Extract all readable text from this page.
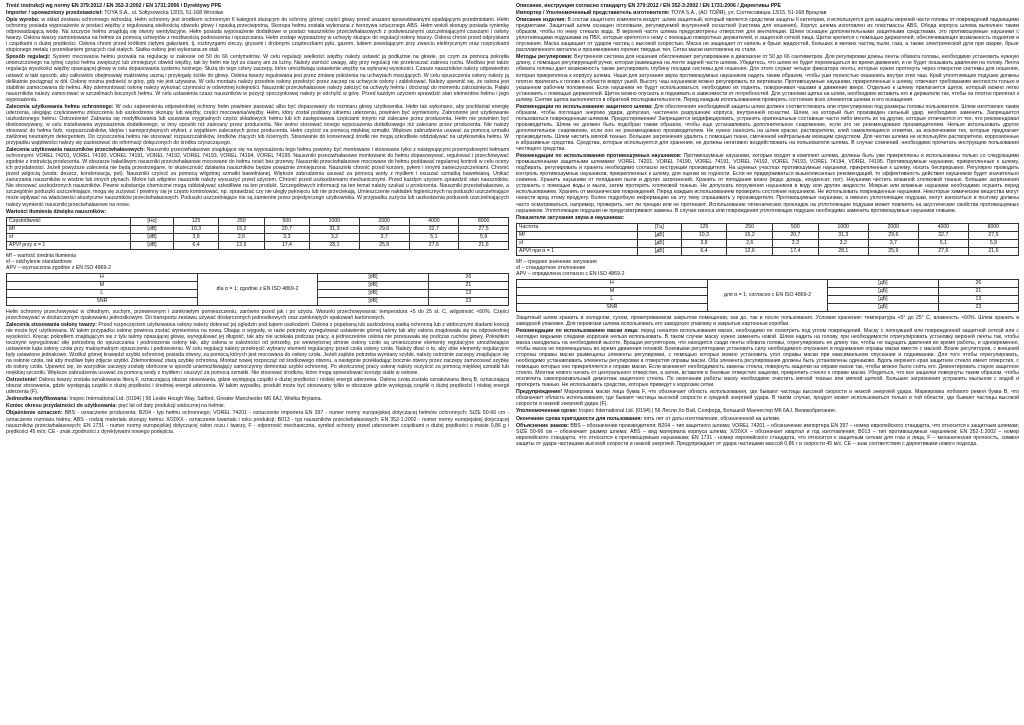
Treść instrukcji wg normy EN 379:2012 / EN 352-3:2002 / EN 1731:2006 / Dyrektywy PPE
Importer / upoważniony przedstawiciel: TOYA S.A., ul. Sołtysowicka 13/15, 51-168 Wrocław
Opis wyrobu: w skład zestawu ochronnego wchodzą: Hełm ochronny jest środkiem ochronnym II kategorii służącym do ochrony górnej części głowy przed urazami spowodowanymi spadającymi przedmiotami. Hełm ochronny posiada wyposażenie w postaci więźby z regulowaną wielkością obwodu głowy i opaską przeciwpotną. Skorupa hełmu została wykonana z tworzywa sztucznego ABS. Hełm wokół skorupy posiada rynienkę odprowadzającą wodę. Na szczycie hełmu znajdują się otwory wentylacyjne. Hełm posiada wyposażenie dodatkowe w postaci nauszników przeciwhałasowych z podwieszanymi uszczelniającymi czaszami i osłony twarzy. Osłona twarzy zamontowana na hełmie za pomocą uchwytów z możliwością podnoszenia i opuszczania. Hełm zostaje wyposażony w uchwyty służące do regulacji osłony twarzy. Osłona chroni przed odpryskami i cząstkami o dużej prędkości. Osłona chroni przed krótkimi ciętymi gałęziami, tj. rozbryzgami cieczy, gryzami i drobnymi cząsteczkami pyłu, gazem, lukiem powstającym przy zwarciu elektrycznym oraz rozpryskami stopionego metalu i przenikaniem gorących ciał stałych. Siatka osłony jest wykonana ze stali.
Sposób regulacji: System mocowania hełmu pozwala na regulację w zakresie od 50 do 66 centymetrów. W celu regulacji wielkości więźby należy ustawić ją podłużnie na głowie, po czym za pomocą pokrętła umieszczonego na tylnej części hełmu zwiększyć lub zmniejszyć obwód więźby, tak by hełm nie był za ciasny ani za luźny. Należy zwrócić uwagę, aby przy regulacji nie przekraczać zakresu ruchu. Możliwa jest także regulacja wysokości więźby opasującej głowę w celu dopasowania systemu nośnego. Służą do tego cztery zaczepy, które umożliwiają ustawienie więźby na wybranej wysokości. Czasze nauszników należy odpowiednio ustawić w taki sposób, aby całkowicie obejmowały małżowinę uszną i przylegały ściśle do głowy. Osłona twarzy regulowana jest przez zmianę położenia na uchwytach mocujących. W celu opuszczenia osłony należy ją delikatnie pociągnąć w dół. Osłonę można podnieść w górę, gdy nie jest używana. W celu montażu należy przednie osłony przełożyć przez zaczep na uchwycie osłony i zablokować. Należy upewnić się, że osłona jest stabilnie zamocowana do hełmu. Aby zdemontować osłonę należy wykonać czynności w odwrotnej kolejności. Nauszniki przeciwhałasowe należy założyć na uchwyty hełmu i docisnąć do momentu zatrzaśnięcia. Pałąki nauszników należy zamocować w szczelinach bocznych hełmu. W celu ustawienia czasz nauszników w pozycji spoczynkowej należy je odchylić w górę. Przed każdym użyciem sprawdzić stan elementów hełmu i jego wyposażenia.
Zalecenia użytkowania hełmu ochronnego: W celu zapewnienia odpowiedniej ochrony hełm powinien pasować albo być dopasowany do rozmiaru głowy użytkownika. Hełm tak wykonano, aby pochłaniał energię uderzenia, ulegając częściowemu zniszczeniu lub uszkodzeniu skorupy lub więźby, części mocowania/więźby. Hełm, który został poddany silnemu uderzeniu, powinien być wymieniony. Zabronione jest użytkowanie uszkodzonego hełmu. Ostrzeżenie! Zabrania się modyfikowania lub usuwania oryginalnych części składowych hełmu lub ich zastępowania częściami innymi niż zalecane przez producenta. Hełm nie powinien być dostosowywany, w celu instalowania wyposażenia dodatkowego, w inny sposób niż zalecany przez producenta. Nie wolno stosować innego wyposażenia dodatkowego niż zalecane przez producenta. Nie należy stosować do hełmu farb, rozpuszczalników, klejów i samoprzylepnych etykiet, z wyjątkiem zalecanych przez producenta. Hełm czyścić za pomocą miękkiej szmatki. Większe zabrudzenia usuwać za pomocą szmatki zwilżonej neutralnym detergentem. Do czyszczenia hełmu nie stosować rozpuszczalników, środków żrących lub ściernych. Stosowanie do konserwacji środki nie mogą szkodliwie oddziaływać na użytkownika hełmu. W przypadku wątpliwości należy się zastosować do informacji dołączonych do środka czyszczącego.
Zalecenia użytkowania nauszników przeciwhałasowych: Nauszniki przeciwhałasowe znajdujące się na wyposażeniu tego hełmu powinny być montowane i stosowane tylko z następującymi przemysłowymi hełmami ochronnymi: VOREL 74201, VOREL 74190, VOREL 74191, VOREL 74192, VOREL 74193, VOREL 74194, VOREL 74195. Nauszniki przeciwhałasowe montowane do hełmu dopasowywać, regulować i przechowywać zgodnie z instrukcją producenta. W obszarze hałaśliwym nauszniki przeciwhałasowe mocowane do hełmu nosić bez przerwy. Nauszniki przeciwhałasowe mocowane do hełmu poddawać regularnej kontroli w celu oceny ich przydatności. Jeżeli powyższe zalecenia nie będą przestrzegane, to skuteczność działania nauszników będzie poważnie zmniejszona. Nauszniki chronić przed kurzem, pyłem i innymi zanieczyszczeniami. Chronić przed wilgocią (woda: deszcz, kondensacja, pot). Nauszniki czyścić za pomocą wilgotnej szmatki bawełnianej. Większe zabrudzenia usuwać za pomocą wody z mydłem i osuszać szmatką bawełnianą. Unikać zanurzania nauszników w wodzie lub innych płynach. Mokre lub wilgotne nauszniki należy wysuszyć przed użyciem. Chronić przed uszkodzeniami mechanicznymi. Przed każdym użyciem sprawdzić stan nauszników. Nie stosować uszkodzonych nauszników. Pewne substancje chemiczne mogą oddziaływać szkodliwie na ten produkt. Szczegółowych informacji na ten temat należy szukać u producenta. Nauszniki przeciwhałasowe, a szczególnie poduszki uszczelniające, mogą się zużywać i powinny się je często kontrolować, np. sprawdzać czy nie uległy pęknięciu lub nie przeciekają. Umieszczenie nakładek higienicznych na poduszki uszczelniające może wpływać na właściwości akustyczne nauszników przeciwhałasowych. Poduszki uszczelniające nie są zamienne przez pojedynczego użytkownika. W przypadku zużycia lub uszkodzenia poduszek uszczelniających należy wymienić nauszniki przeciwhałasowe na nowe.
Wartości tłumienia dźwięku nauszników:
Częstotliwość	[Hz]	125	250	500	1000	2000	4000	8000
Mf	[dB]	10,3	15,2	20,7	31,3	29,6	32,7	27,5
sf	[dB]	3,9	2,6	3,3	3,2	3,7	5,1	5,9
APVf przy α = 1	[dB]	6,4	12,6	17,4	28,1	25,9	27,6	21,6
Mf – wartość średnia tłumienia
sf – odchylenie standardowe
APV – wyznaczona zgodnie z EN ISO 4869-2
H	dla α = 1; zgodnie z EN ISO 4869-2	[dB]	26
M		[dB]	21
L		[dB]	13
SNR		[dB]	23
Hełm ochronny przechowywać w chłodnym, suchym, przewiewnym i zamkniętym pomieszczeniu, zarówno przed jak i po użyciu. Warunki przechowywania: temperatura +5 do 25 st. C, wilgotność <60%. Części przechowywać w dostarczonym opakowaniu jednostkowym. Do transportu zestawu używać dostarczonych jednostkowych oraz zamkniętych opakowań kartonowych.
Zalecenia stosowania osłony twarzy: Przed rozpoczęciem użytkowania osłony należy dokonać jej oględzin pod kątem uszkodzeń. Osłona z popękaną lub uszkodzoną siatką ochronną lub z widocznymi śladami korozji nie może być użytkowana. W takim przypadku osłonę powinna zostać wymieniona na nową. Dbając o wygodę, w razie potrzeby wyregulować ustawienie górnej taśmy tak aby osłona znajdowała się na odpowiedniej wysokości. Kręcąc pokrętłem znajdującym się z tyłu taśmy opasującej głowę, wyregulować jej długość, tak aby nie uciskała podczas pracy, a jednocześnie osłona nie przesuwała się podczas ruchów głowy. Pokrętłem tocznymi wyregulować siłę potrzebną do opuszczania i podnoszenia osłony tak, aby osłona w zależności od potrzeby, po wewnętrznej stronie osłony czoło są umieszczone elementy regulacyjne umożliwiające ustawienie kąta osłony czoła przy maksymalnym opuszczeniu i podniesieniu. W celu regulacji należy przekręcić wybrany element regulacyjny przed czoła osłony czoła. Należy dbać o to, aby obie elementy regulacyjne były ustawione jednakowo. Wzdłuż górnej krawędzi szybki ochronnej posiada otwory, za pomocą których jest mocowana do osłony czoła. Jeżeli zajdzie potrzeba wymiany szybki, należy ostrożnie zaczepy znajdujące się na osłonie czoła, tak aby możliwe było zdjęcie szybki. Zdemontować starą szybkę ochronną. Montaż nowej rozpocząć od środkowego otworu, a następnie przekładając bocznie otwory przez zaczepy zamocować szybkę do osłony czoła. Upewnić się, że wszystkie zaczepy zostały obrócone w sposób uniemożliwiający samoczynny demontaż szybki ochronnej. Po skończonej pracy osłonę należy oczyścić za pomocą miękkiej szmatki lub miękkiej szczotki. Większe zabrudzenia usuwać za pomocą wody z mydłem i osuszyć za pomocą szmatki. Nie stosować środków, które mogą spowodować korozję siatki w osłonie.
Ostrzeżenie! Osłona twarzy została oznakowana literą F, oznaczającą obszar stosowania, gdzie występują cząstki o dużej prędkości i niskiej energii uderzenia. Osłona czoła została oznakowana literą B, oznaczającą obszar stosowania, gdzie występują cząstki o dużej prędkości i średniej energii uderzenia. W takim wypadku, produkt może być stosowany tylko w obszarze gdzie występują cząstki o dużej prędkości i niskiej energii uderzenia (F).
Jednostka notyfikowana: Inspec International Ltd. (0194) | 56 Leslie Hough Way, Salford, Greater Manchester M6 6AJ, Wielka Brytania.
Koniec okresu przydatności do użytkowania: pięć lat od daty produkcji widocznej na hełmie.
Objaśnienie oznaczeń: BBS - oznaczenie producenta; B204 - typ hełmu ochronnego; VOREL 74201 - oznaczenie importera EN 397 - numer normy europejskiej dotyczącej hełmów ochronnych; SIZE 50-66 cm - oznaczenie rozmiaru hełmu; ABS - rodzaj materiału skorupy hełmu; X/20XX - oznaczenie kwartału i roku produkcji; B013 - typ nauszników przeciwhałasowych; EN 352-1:2002 - numer normy europejskiej dotyczącej nauszników przeciwhałasowych; EN 1731 - numer normy europejskiej dotyczącej osłon oczu i twarzy, F - odporność mechaniczna, symbol ochrony przed uderzeniem cząstkami o dużej prędkości o masie 0,86 g i prędkości 45 m/s; CE - znak zgodności z dyrektywami nowego podejścia.
Описание, инструкция согласно стандарту EN 379:2012 / EN 352-3:2002 / EN 1731:2006 / Директивы PPE
Импортер / Уполномоченный представитель изготовителя: TOYA S.A., (АО ТОЙЯ), ул. Солтисовицка 13/15, 51-168 Вроцлав
Описание изделия: В состав защитного комплекта входят: шлем защитный, который является средством защиты II категории, и используется для защиты верхней части головы от повреждений падающими предметами. Защитный шлем оснащен оголовьем, регулируемой внутренней оснасткой (система для ношения). Корпус шлема изготовлен из пластмассы ABS. Обода корпуса шлема выполнен таким образом, чтобы по нему стекала вода. В верхней части шлема предусмотрены отверстия для вентиляции. Шлем оснащен дополнительными защитными средствами, это противошумные наушники с уплотняющими подушками из ПВХ, которые крепятся к нему с помощью поворотных держателей, и защитной сеткой лица. Щиток крепится с помощью держателей, обеспечивающих возможность поднятия и опускания. Маска защищает от ударов частиц с высокой скоростью. Маска не защищает от капель и брызг жидкостей, больших и мелких частиц пыли, газа, а также электрической дуги при сварке, брызг расплавленного металла и проникновения горячих твердых тел. Сетка маски изготовлена из стали.
Методы регулировки: Внутренняя система для ношения обеспечивает регулирование в диапазоне от 50 до 66 сантиметров. Для регулировки длины ленты обхвата головы, необходимо установить нужную длину, с помощью регулирующей ручки, которая размещена на ленте задней части шлема. Убедитесь, что шлем не будет перемещаться во время движения, и не будет оказывать давления на голову. Лента обхвата головы дает возможность также регулировать глубину посадки системы для ношения. Для этого служат четыре фиксатора ленты, которые нужно протянуть через отверстия системы для ношения, которая прикреплена к корпусу шлема. Чаши для затухания звука противошумных наушников надеть таким образом, чтобы уши полностью оказались внутри этих чаш. Край уплотняющих подушек должны плотно прилегать к голове в области вокруг ушей. Высоту чаш наушников можно регулировать по вертикали. Противошумные наушники, прикрепленные к шлему, отвечают требованиям жесткости только в указанном рабочем положении. Если наушники не будут использоваться, необходимо их поднять, поворачивая чашами в движение вверх. Отдельно к шлему прилагается щиток, который можно легко установить с помощью держателей. Щиток можно опускать и поднимать в зависимости от потребностей. Для установки щитка на шлем, необходимо вставить его в держатели так, чтобы он плотно прилегал к шлему. Снятие щитка выполняется в обратной последовательности. Перед каждым использованием проверить состояние всех элементов шлема и его оснащения.
Рекомендации по использованию защитного шлема: Для обеспечения необходимой защиты шлем должен соответствовать или отрегулирован под размеры головы пользователя. Шлем изготовлен таким образом, чтобы поглощал энергию удара, допуская, частичное разрушение корпуса, внутренней оснастки. Шлем, на который был произведен сильный удар, необходимо заменить. Запрещается пользоваться поврежденным шлемом. Предостережение! Запрещается модифицировать, устранять оригинальные составные части либо менять их на другие, которые отличаются от тех, что рекомендовал производитель. Шлем не должен быть подобран таким образом, чтобы еще устанавливать дополнительное снаряжение, если это не рекомендовано производителем. Нельзя использовать другое дополнительное снаряжение, если оно не рекомендовано производителем. Не нужно наносить на шлем краски, растворители, клей самоклеящиеся этикетки, за исключением тех, которые предлагает производитель. Шлем чистить мягкой тканью. Большие загрязнения удалить с помощью ткани, смоченной нейтральным моющим средством. Для чистки шлема не используйте растворители, коррозионные и абразивные средства. Средства, которые используются для хранения, не должны негативно воздействовать на пользователя шлема. В случае сомнений, необходимо прочитать инструкцию пользования чистящего средства.
Рекомендации по использованию противошумных наушников: Противошумные наушники, которые входят в комплект шлема, должны быть уже прикреплены и использованы только со следующими промышленными защитными шлемами: VOREL 74201, VOREL 74190, VOREL 74191, VOREL 74192, VOREL 74193, VOREL 74194, VOREL 74195. Противошумные наушники, прикрепленные к шлему, подбирать, регулировать и хранить необходимо согласно инструкции производителя. На шумных участках противошумные наушники, прикрепленные к шлему, носить беспрерывно. Регулярно проводить контроль противошумных наушников, прикрепленных к шлему, для оценки их годности. Если не придерживаться вышеописанных рекомендаций, то эффективность действия наушников будет значительно снижена. Хранить наушники от попадания пыли и других загрязнений. Хранить от попадания влаги (вода: дождь, конденсат, пот). Наушники чистить влажной хлопковой тканью. Большие загрязнения устранить с помощью воды и мыла, затем протереть хлопковой тканью. Не допускать погружения наушников в воду или другие жидкости. Мокрые или влажные наушники необходимо осушить перед использованием. Хранить от механических повреждений. Перед каждым использованием проверить состояние наушников. Не использовать поврежденные наушники. Некоторые химические вещества могут нанести вред этому продукту. Более подробную информацию на эту тему спрашивать у производителя. Противошумные наушники, а именно уплотняющие подушки, могут износиться и поэтому должны часто осматриваться, например, проверить, нет ли трещин или не протекают. Использование гигиенических прокладок на уплотняющие подушки может повлиять на акустические свойства противошумных наушников. Уплотняющие подушки не предусматривают замены. В случае износа или повреждения уплотняющих подушек необходимо заменить противошумные наушники новыми.
Показатели затухания звука в наушниках:
Частота	[Гц]	125	250	500	1000	2000	4000	8000
Mf	[дБ]	10,3	15,2	20,7	31,3	29,6	32,7	27,5
sf	[дБ]	3,9	2,6	3,3	3,2	3,7	5,1	5,9
APVf при α = 1	[дБ]	6,4	12,6	17,4	28,1	25,9	27,6	21,6
Mf – среднее значение затухания
sf – стандартное отклонение
APV – определена согласно с EN ISO 4869-2
H	для α = 1; согласно с EN ISO 4869-2	[дБ]	26
M		[дБ]	21
L		[дБ]	13
SNR		[дБ]	23
Защитный шлем хранить в холодном, сухом, проветриваемом закрытом помещении, как до, так и после пользования. Условия хранения: температура +5° до 25° C, влажность <60%. Шлем хранить в заводской упаковке. Для перевозки шлема использовать его заводскую упаковку и закрытые картонные коробки.
Рекомендации по использованию маски лица: перед началом использования маски, необходимо ее осмотреть под углом повреждений. Маску с лопнувшей или поврежденной защитной сеткой или с наглядно видными следами коррозии нельзя использовать. В таком случае маску нужно заменить новой. Шлем надеть на голову, при необходимости отрегулировать установку верхней ленты так, чтобы маска находилась на необходимой высоте. Вращая регулятором, что находится сзади ленты обхвата головы, отрегулировать ее длину так, чтобы не ощущать давления во время работы, и одновременно, чтобы маска не перемещалась во время движения головой. Боковыми регуляторами установить силу необходимого опускания и поднимания оправы маски вместе с маской. Возле регуляторов, с внешней стороны оправы маски размещены элементы регулировки, с помощью которых можно установить угол оправы маски при максимальном опускании и поднимании. Для того чтобы отрегулировать, необходимо устанавливать элементы регулировки в отверстия оправы маски. Оба элемента регулирования должны быть установлены одинаково. Вдоль верхнего края защитное стекло имеет отверстия, с помощью которых оно прикрепляется к оправе маски. Если возникнет необходимость замены стекла, повернуть защелки на оправе маски так, чтобы можно было снять его. Демонтировать старое защитное стекло. Монтаж нового начать от центрального отверстия, а затем, вставляя в боковые отверстия защелки, прикрепить стекло к оправе маски. Убедиться, что все защелки повернуты таким образом, чтобы исключить самопроизвольный демонтаж защитного стекла. По окончании работы маску необходимо очистить мягкой тканью или мягкой щеткой. Большие загрязнения устранить мыльном с водой и протереть тканью. Не использовать средства, которые приведут к коррозии сетки.
Предупреждение! Маркировка маски лица буква F, что обозначает область использования, где бывают частицы высокой скорости и низкой энергией удара. Маркировка лобового ремня буква B, что обозначает область использования, где бывают частицы высокой скорости и средней энергией удара. В таком случае, продукт может использоваться только в той области, где бывают частицы высокой скорости и низкой энергией удара (F).
Уполномоченная орган: Inspec International Ltd. (0194) | 56 Лесли Хо Вэй, Солфорд, Большой Манчестер M6 6AJ, Великобритания.
Окончание срока пригодности для пользования: пять лет от даты изготовления, обозначенной на шлеме.
Объяснение знаков: BBS – обозначение производителя; B204 – тип защитного шлема; VOREL 74201 – обозначение импортера EN 397 – номер европейского стандарта, что относится к защитным шлемам; SIZE 50-66 см – обозначает размер шлема; ABS – вид материала корпуса шлема; X/20XX – обозначает квартал и год изготовления; B013 – тип противошумных наушников; EN 352-1:2002 – номер европейского стандарта, что относится к противошумным наушникам; EN 1731 - номер европейского стандарта, что относится к защитным сеткам для глаз и лица, F – механическая прочность, символ защиты от удара частицами высокой скорости и низкой энергией. Предупреждает от удара частицами массой 0,86 г и скорости 45 м/с; CE – знак соответствия с директивами нового подхода.
